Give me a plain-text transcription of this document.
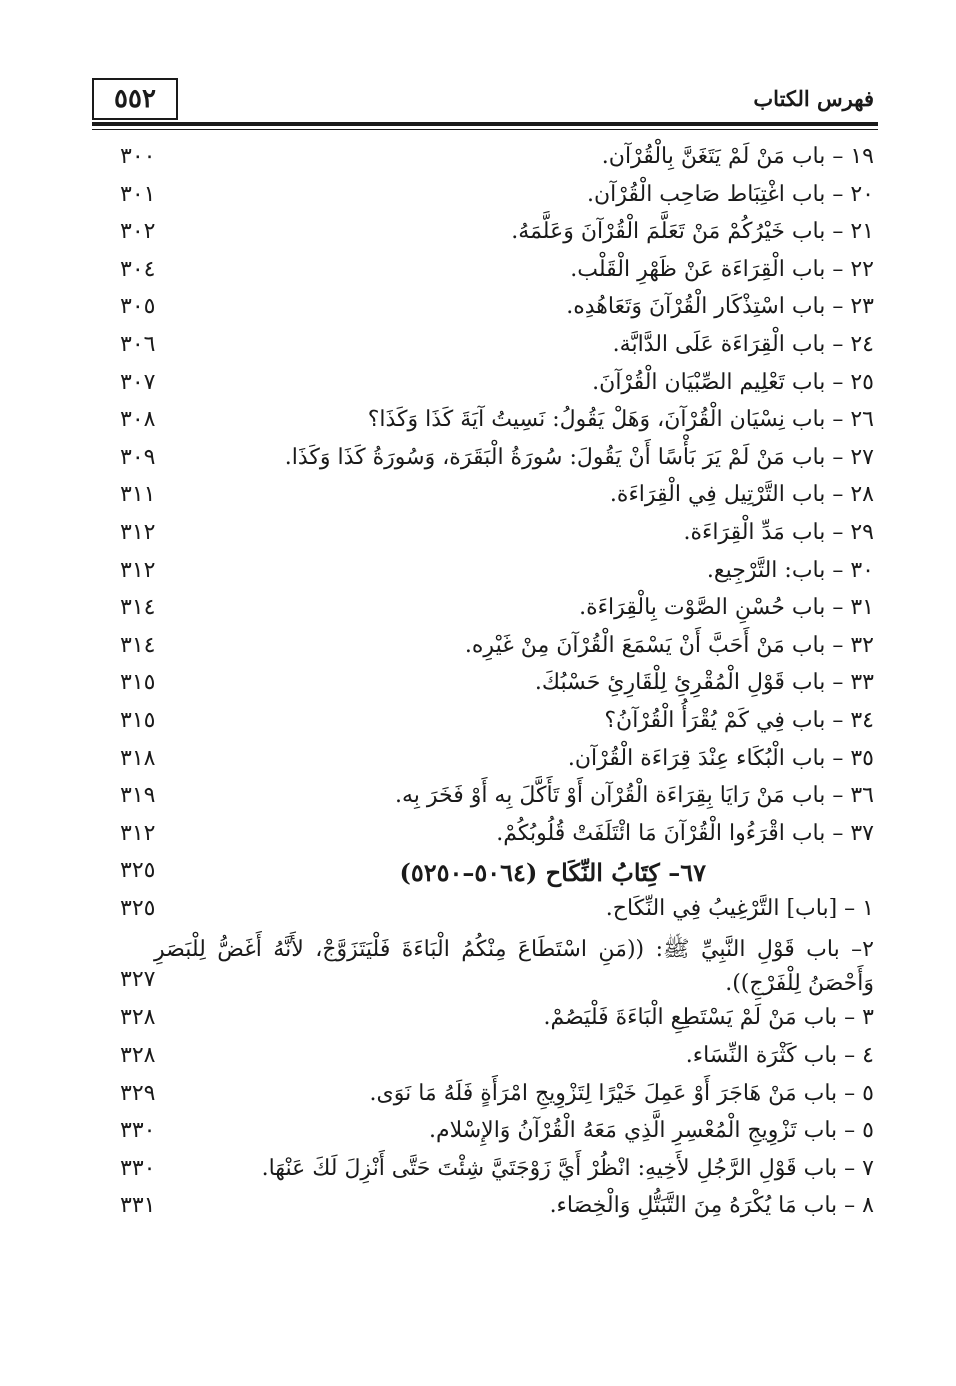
٥٥٢	فهرس الكتاب
١٩ – باب مَنْ لَمْ يَتَغَنَّ بِالْقُرْآن.
٣٠٠
٢٠ – باب اغْتِبَاط صَاحِب الْقُرْآن.
٣٠١
٢١ – باب خَيْرُكُمْ مَنْ تَعَلَّمَ الْقُرْآنَ وَعَلَّمَهُ.
٣٠٢
٢٢ – باب الْقِرَاءَة عَنْ ظَهْرِ الْقَلْب.
٣٠٤
٢٣ – باب اسْتِذْكَار الْقُرْآنَ وَتَعَاهُدِه.
٣٠٥
٢٤ – باب الْقِرَاءَة عَلَى الدَّابَّة.
٣٠٦
٢٥ – باب تَعْلِيم الصِّبْيَان الْقُرْآنَ.
٣٠٧
٢٦ – باب نِسْيَان الْقُرْآنَ، وَهَلْ يَقُولُ: نَسِيتُ آيَةَ كَذَا وَكَذَا؟
٣٠٨
٢٧ – باب مَنْ لَمْ يَرَ بَأْسًا أَنْ يَقُولَ: سُورَةُ الْبَقَرَة، وَسُورَةُ كَذَا وَكَذَا.
٣٠٩
٢٨ – باب التَّرْتِيل فِي الْقِرَاءَة.
٣١١
٢٩ – باب مَدِّ الْقِرَاءَة.
٣١٢
٣٠ – باب: التَّرْجِيع.
٣١٢
٣١ – باب حُسْنِ الصَّوْت بِالْقِرَاءَة.
٣١٤
٣٢ – باب مَنْ أَحَبَّ أَنْ يَسْمَعَ الْقُرْآنَ مِنْ غَيْرِه.
٣١٤
٣٣ – باب قَوْلِ الْمُقْرِئِ لِلْقَارِئِ حَسْبُكَ.
٣١٥
٣٤ – باب فِي كَمْ يُقْرَأُ الْقُرْآنُ؟
٣١٥
٣٥ – باب الْبُكَاء عِنْدَ قِرَاءَة الْقُرْآن.
٣١٨
٣٦ – باب مَنْ رَايَا بِقِرَاءَة الْقُرْآن أَوْ تَأَكَّلَ بِه أَوْ فَخَرَ بِه.
٣١٩
٣٧ – باب اقْرَءُوا الْقُرْآنَ مَا ائْتَلَفَتْ قُلُوبُكُمْ.
٣١٢
٦٧– كِتَابُ النِّكَاح (٥٠٦٤–٥٢٥٠)
٣٢٥
١ – [باب] التَّرْغِيبُ فِي النِّكَاح.
٣٢٥
٢– باب قَوْلِ النَّبِيِّ ﷺ: ((مَنِ اسْتَطَاعَ مِنْكُمُ الْبَاءَةَ فَلْيَتَزَوَّجْ، لأَنَّهُ أَغَضُّ لِلْبَصَرِ وَأَحْصَنُ لِلْفَرْجِ)).
٣٢٧
٣ – باب مَنْ لَمْ يَسْتَطِعِ الْبَاءَةَ فَلْيَصُمْ.
٣٢٨
٤ – باب كَثْرَة النِّسَاء.
٣٢٨
٥ – باب مَنْ هَاجَرَ أَوْ عَمِلَ خَيْرًا لِتَزْوِيجِ امْرَأَةٍ فَلَهُ مَا نَوَى.
٣٢٩
٥ – باب تَزْوِيجِ الْمُعْسِرِ الَّذِي مَعَهُ الْقُرْآنُ وَالإِسْلام.
٣٣٠
٧ – باب قَوْلِ الرَّجُلِ لأَخِيهِ: انْظُرْ أَيَّ زَوْجَتَيَّ شِئْتَ حَتَّى أَنْزِلَ لَكَ عَنْهَا.
٣٣٠
٨ – باب مَا يُكْرَهُ مِنَ التَّبَتُّلِ وَالْخِصَاء.
٣٣١
